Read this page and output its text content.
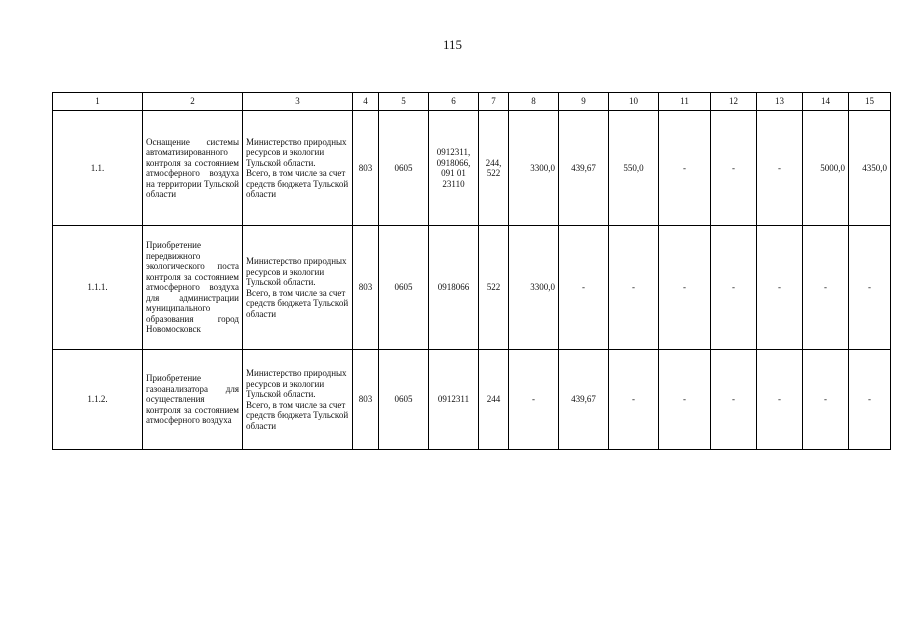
115
1	2	3	4	5	6	7	8	9	10	11	12	13	14	15
1.1.	Оснащение системы автоматизированного контроля за состоянием атмосферного воздуха на территории Тульской области	Министерство природных ресурсов и экологии Тульской области.
Всего, в том числе за счет средств бюджета Тульской области	803	0605	0912311,
0918066,
091 01
23110	244,
522	3300,0	439,67	550,0	-	-	-	5000,0	4350,0
1.1.1.	Приобретение передвижного экологического поста контроля за состоянием атмосферного воздуха для администрации муниципального образования город Новомосковск	Министерство природных ресурсов и экологии Тульской области.
Всего, в том числе за счет средств бюджета Тульской области	803	0605	0918066	522	3300,0	-	-	-	-	-	-	-
1.1.2.	Приобретение газоанализатора для осуществления контроля за состоянием атмосферного воздуха	Министерство природных ресурсов и экологии Тульской области.
Всего, в том числе за счет средств бюджета Тульской области	803	0605	0912311	244	-	439,67	-	-	-	-	-	-
